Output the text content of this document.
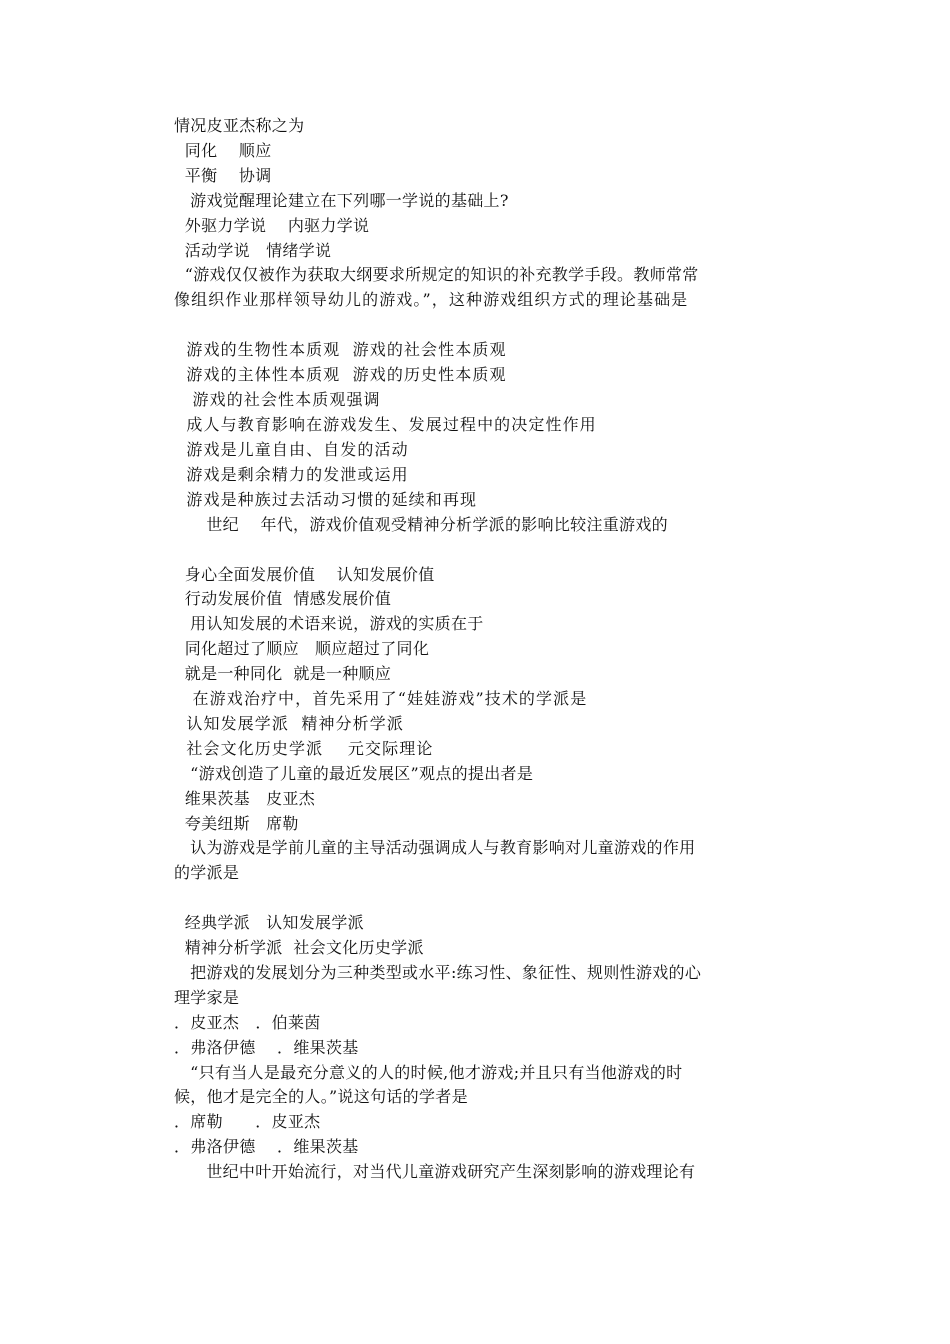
情况皮亚杰称之为
同化    顺应
平衡    协调
游戏觉醒理论建立在下列哪一学说的基础上?
外驱力学说    内驱力学说
活动学说   情绪学说
“游戏仅仅被作为获取大纲要求所规定的知识的补充教学手段。教师常常
像组织作业那样领导幼儿的游戏。”，这种游戏组织方式的理论基础是
游戏的生物性本质观  游戏的社会性本质观
游戏的主体性本质观  游戏的历史性本质观
游戏的社会性本质观强调
成人与教育影响在游戏发生、发展过程中的决定性作用
游戏是儿童自由、自发的活动
游戏是剩余精力的发泄或运用
游戏是种族过去活动习惯的延续和再现
世纪    年代，游戏价值观受精神分析学派的影响比较注重游戏的
身心全面发展价值    认知发展价值
行动发展价值  情感发展价值
用认知发展的术语来说，游戏的实质在于
同化超过了顺应   顺应超过了同化
就是一种同化  就是一种顺应
在游戏治疗中，首先采用了“娃娃游戏”技术的学派是
认知发展学派  精神分析学派
社会文化历史学派    元交际理论
“游戏创造了儿童的最近发展区”观点的提出者是
维果茨基   皮亚杰
夸美纽斯   席勒
认为游戏是学前儿童的主导活动强调成人与教育影响对儿童游戏的作用
的学派是
经典学派   认知发展学派
精神分析学派  社会文化历史学派
把游戏的发展划分为三种类型或水平:练习性、象征性、规则性游戏的心
理学家是
．皮亚杰   ．伯莱茵
．弗洛伊德    ．维果茨基
“只有当人是最充分意义的人的时候,他才游戏;并且只有当他游戏的时
候，他才是完全的人。”说这句话的学者是
．席勒      ．皮亚杰
．弗洛伊德    ．维果茨基
世纪中叶开始流行，对当代儿童游戏研究产生深刻影响的游戏理论有
